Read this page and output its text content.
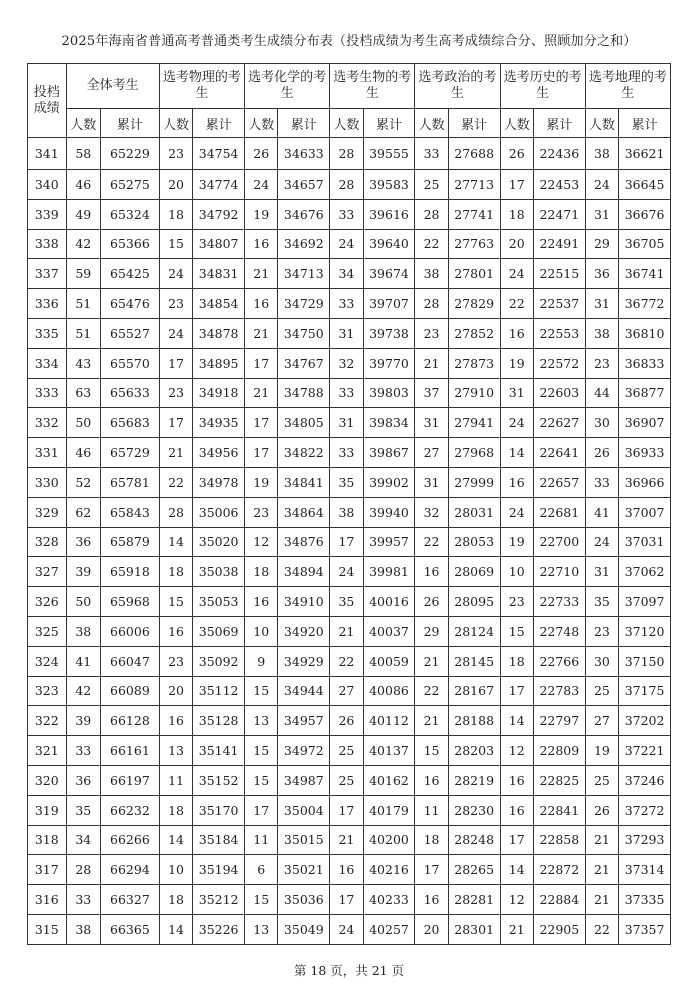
2025年海南省普通高考普通类考生成绩分布表（投档成绩为考生高考成绩综合分、照顾加分之和）
投档成绩	全体考生		选考物理的考生		选考化学的考生		选考生物的考生		选考政治的考生		选考历史的考生		选考地理的考生	
	人数	累计	人数	累计	人数	累计	人数	累计	人数	累计	人数	累计	人数	累计
341	58	65229	23	34754	26	34633	28	39555	33	27688	26	22436	38	36621
340	46	65275	20	34774	24	34657	28	39583	25	27713	17	22453	24	36645
339	49	65324	18	34792	19	34676	33	39616	28	27741	18	22471	31	36676
338	42	65366	15	34807	16	34692	24	39640	22	27763	20	22491	29	36705
337	59	65425	24	34831	21	34713	34	39674	38	27801	24	22515	36	36741
336	51	65476	23	34854	16	34729	33	39707	28	27829	22	22537	31	36772
335	51	65527	24	34878	21	34750	31	39738	23	27852	16	22553	38	36810
334	43	65570	17	34895	17	34767	32	39770	21	27873	19	22572	23	36833
333	63	65633	23	34918	21	34788	33	39803	37	27910	31	22603	44	36877
332	50	65683	17	34935	17	34805	31	39834	31	27941	24	22627	30	36907
331	46	65729	21	34956	17	34822	33	39867	27	27968	14	22641	26	36933
330	52	65781	22	34978	19	34841	35	39902	31	27999	16	22657	33	36966
329	62	65843	28	35006	23	34864	38	39940	32	28031	24	22681	41	37007
328	36	65879	14	35020	12	34876	17	39957	22	28053	19	22700	24	37031
327	39	65918	18	35038	18	34894	24	39981	16	28069	10	22710	31	37062
326	50	65968	15	35053	16	34910	35	40016	26	28095	23	22733	35	37097
325	38	66006	16	35069	10	34920	21	40037	29	28124	15	22748	23	37120
324	41	66047	23	35092	9	34929	22	40059	21	28145	18	22766	30	37150
323	42	66089	20	35112	15	34944	27	40086	22	28167	17	22783	25	37175
322	39	66128	16	35128	13	34957	26	40112	21	28188	14	22797	27	37202
321	33	66161	13	35141	15	34972	25	40137	15	28203	12	22809	19	37221
320	36	66197	11	35152	15	34987	25	40162	16	28219	16	22825	25	37246
319	35	66232	18	35170	17	35004	17	40179	11	28230	16	22841	26	37272
318	34	66266	14	35184	11	35015	21	40200	18	28248	17	22858	21	37293
317	28	66294	10	35194	6	35021	16	40216	17	28265	14	22872	21	37314
316	33	66327	18	35212	15	35036	17	40233	16	28281	12	22884	21	37335
315	38	66365	14	35226	13	35049	24	40257	20	28301	21	22905	22	37357
第 18 页，共 21 页
